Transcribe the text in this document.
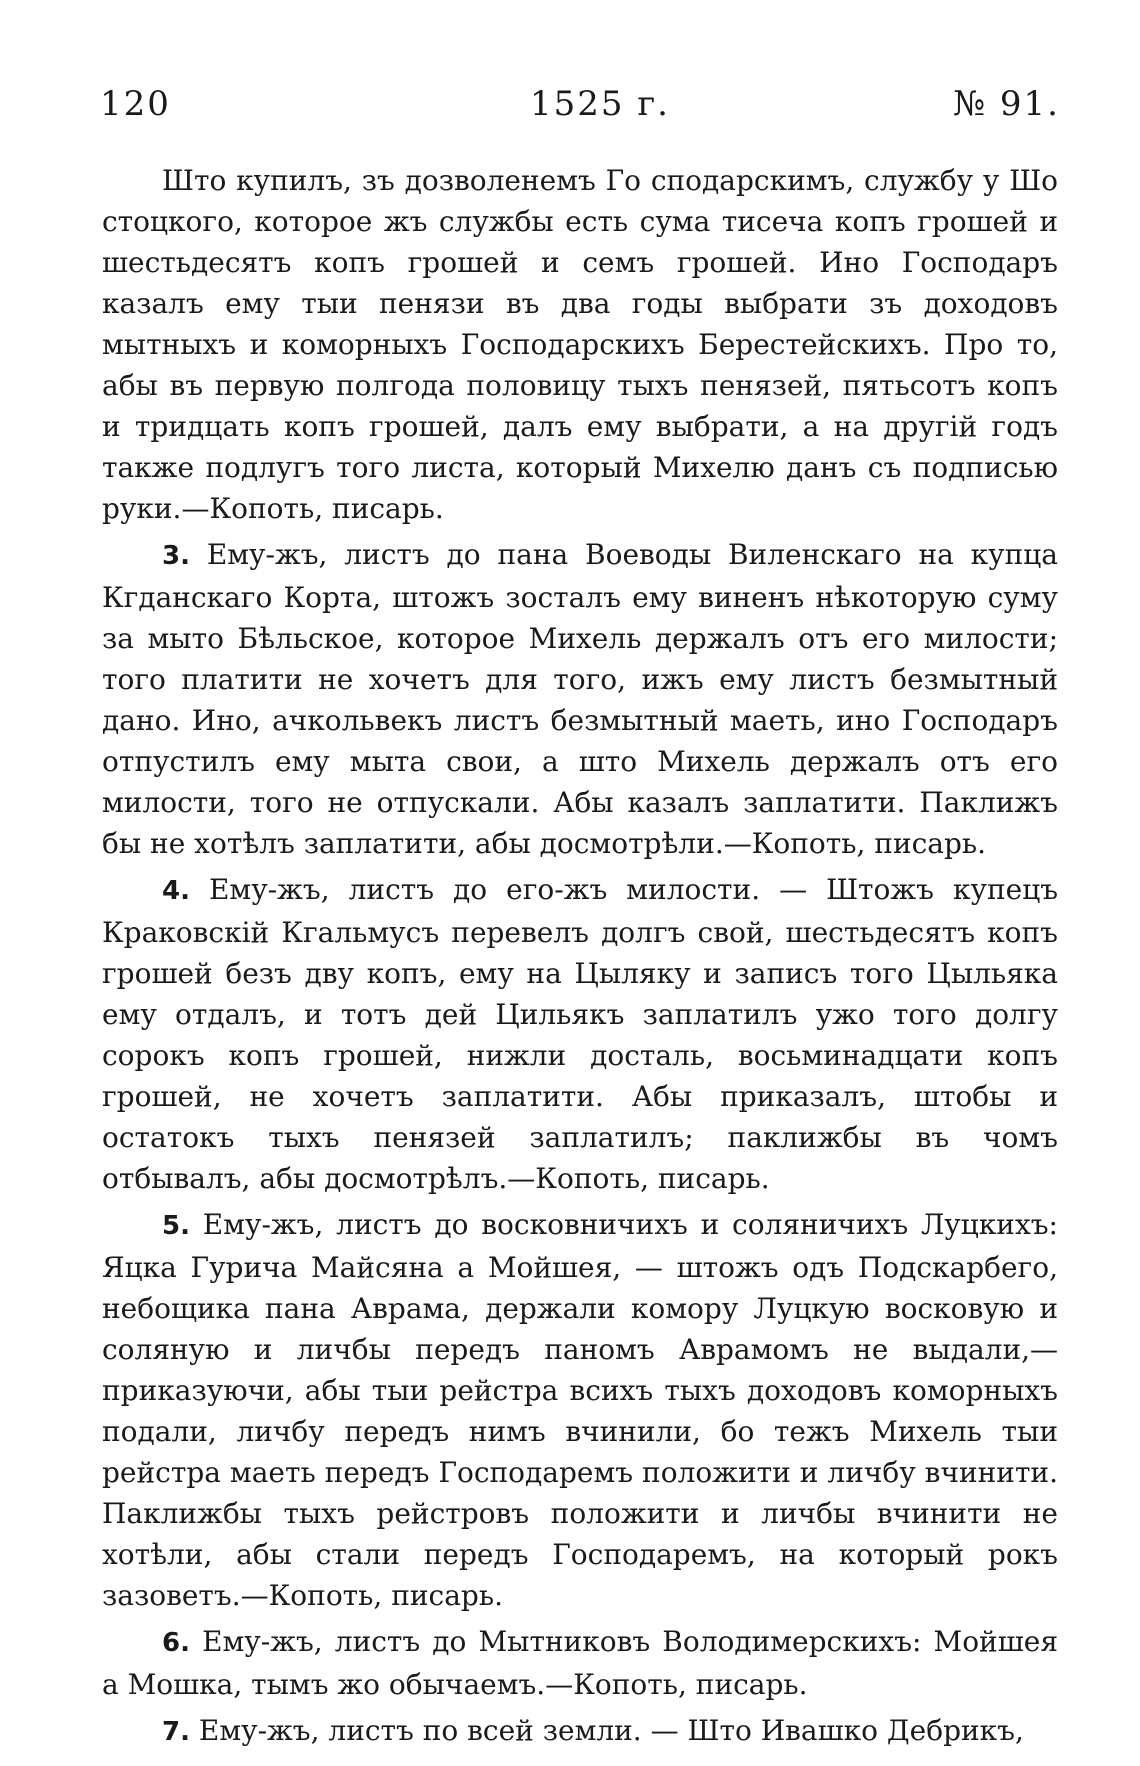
120	1525 г.	№ 91.

Што купилъ, зъ дозволенемъ Го сподарскимъ, службу у Шо стоцкого, которое жъ службы есть сума тисеча копъ грошей и шестьдесятъ копъ грошей и семъ грошей. Ино Господаръ казалъ ему тыи пенязи въ два годы выбрати зъ доходовъ мытныхъ и коморныхъ Господарскихъ Берестейскихъ. Про то, абы въ первую полгода половицу тыхъ пенязей, пятьсотъ копъ и тридцать копъ грошей, далъ ему выбрати, а на другій годъ также подлугъ того листа, который Михелю данъ съ подписью руки.—Копоть, писарь.

3. Ему-жъ, листъ до пана Воеводы Виленскаго на купца Кгданскаго Корта, штожъ зосталъ ему виненъ нѣкоторую суму за мыто Бѣльское, которое Михель держалъ отъ его милости; того платити не хочетъ для того, ижъ ему листъ безмытный дано. Ино, ачкольвекъ листъ безмытный маеть, ино Господаръ отпустилъ ему мыта свои, а што Михель держалъ отъ его милости, того не отпускали. Абы казалъ заплатити. Паклижъ бы не хотѣлъ заплатити, абы досмотрѣли.—Копоть, писарь.

4. Ему-жъ, листъ до его-жъ милости. — Штожъ купецъ Краковскій Кгальмусъ перевелъ долгъ свой, шестьдесятъ копъ грошей безъ дву копъ, ему на Цыляку и записъ того Цыльяка ему отдалъ, и тотъ дей Цильякъ заплатилъ ужо того долгу сорокъ копъ грошей, нижли досталь, восьминадцати копъ грошей, не хочетъ заплатити. Абы приказалъ, штобы и остатокъ тыхъ пенязей заплатилъ; паклижбы въ чомъ отбывалъ, абы досмотрѣлъ.—Копоть, писарь.

5. Ему-жъ, листъ до восковничихъ и соляничихъ Луцкихъ: Яцка Гурича Майсяна а Мойшея, — штожъ одъ Подскарбего, небощика пана Аврама, держали комору Луцкую восковую и соляную и личбы передъ паномъ Аврамомъ не выдали,—приказуючи, абы тыи рейстра всихъ тыхъ доходовъ коморныхъ подали, личбу передъ нимъ вчинили, бо тежъ Михель тыи рейстра маеть передъ Господаремъ положити и личбу вчинити. Паклижбы тыхъ рейстровъ положити и личбы вчинити не хотѣли, абы стали передъ Господаремъ, на который рокъ зазоветъ.—Копоть, писарь.

6. Ему-жъ, листъ до Мытниковъ Володимерскихъ: Мойшея а Мошка, тымъ жо обычаемъ.—Копоть, писарь.

7. Ему-жъ, листъ по всей земли. — Што Ивашко Дебрикъ,
